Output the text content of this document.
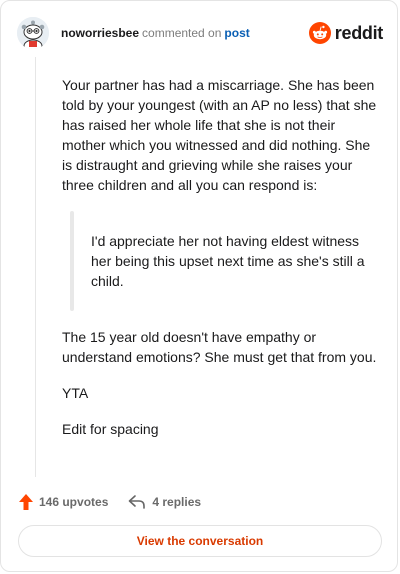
noworriesbee commented on post	reddit

Your partner has had a miscarriage. She has been told by your youngest (with an AP no less) that she has raised her whole life that she is not their mother which you witnessed and did nothing. She is distraught and grieving while she raises your three children and all you can respond is:

I'd appreciate her not having eldest witness her being this upset next time as she's still a child.

The 15 year old doesn't have empathy or understand emotions? She must get that from you.

YTA

Edit for spacing

146 upvotes	4 replies
View the conversation
